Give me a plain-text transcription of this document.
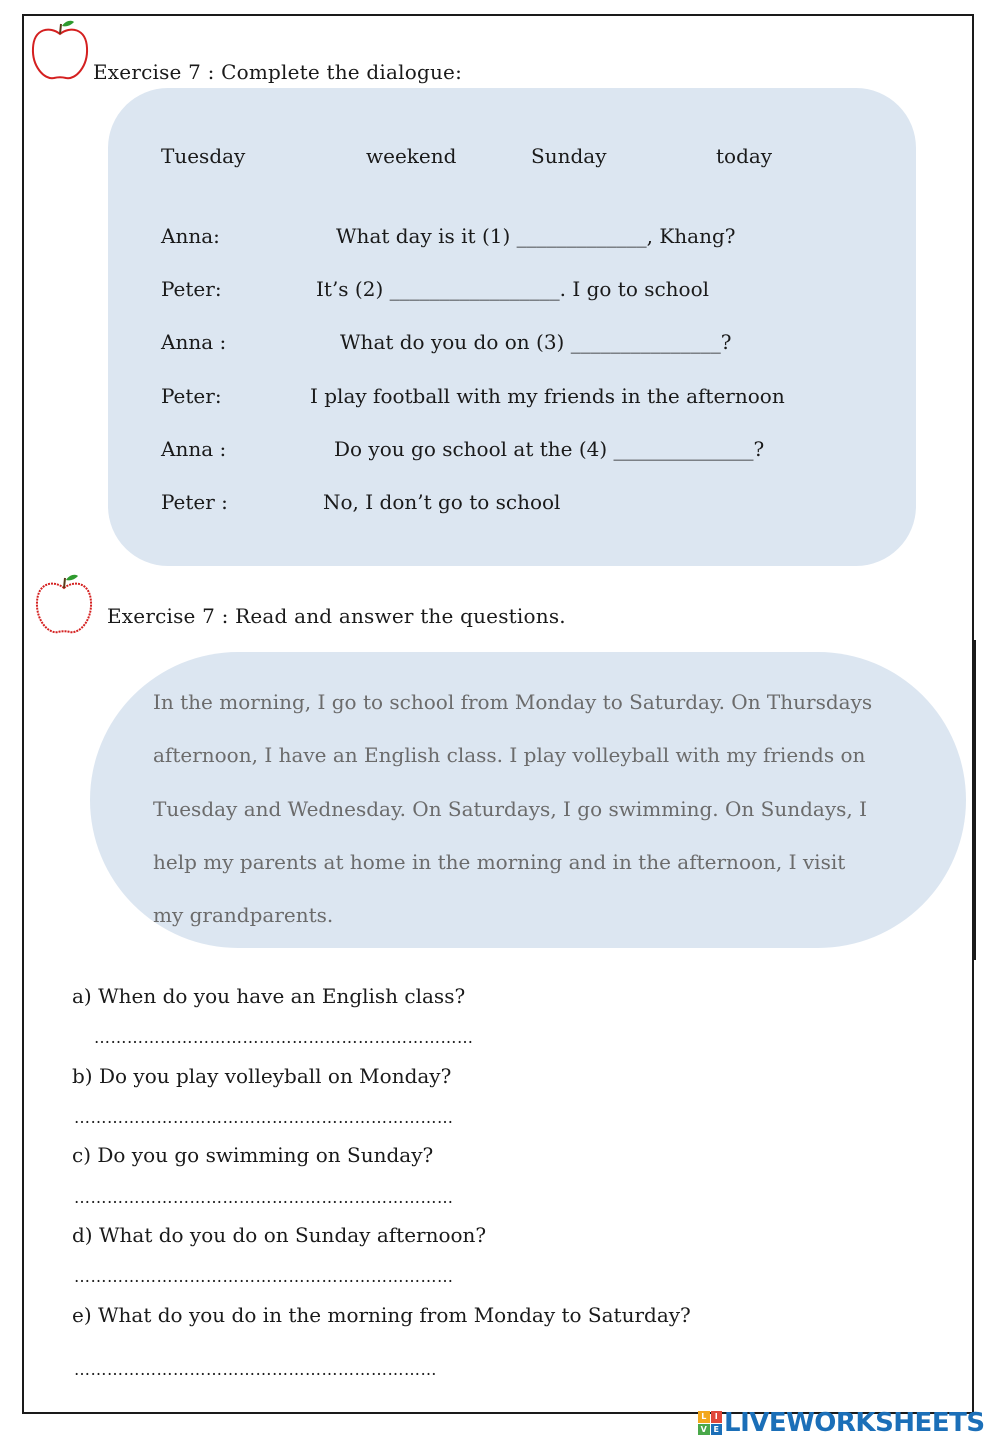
Exercise 7 : Complete the dialogue:
Tuesday	weekend	Sunday	today
Anna:	What day is it (1) _____________, Khang?
Peter:	It’s (2) _________________. I go to school
Anna :	What do you do on (3) _______________?
Peter:	I play football with my friends in the afternoon
Anna :	Do you go school at the (4) ______________?
Peter :	No, I don’t go to school
Exercise 7 : Read and answer the questions.
In the morning, I go to school from Monday to Saturday. On Thursdays
afternoon, I have an English class. I play volleyball with my friends on
Tuesday and Wednesday. On Saturdays, I go swimming. On Sundays, I
help my parents at home in the morning and in the afternoon, I visit
my grandparents.
a) When do you have an English class?
……………………………………………………………
b) Do you play volleyball on Monday?
……………………………………………………………
c) Do you go swimming on Sunday?
……………………………………………………………
d) What do you do on Sunday afternoon?
……………………………………………………………
e) What do you do in the morning from Monday to Saturday?
…………………………………………………………
L	I
V E LIVEWORKSHEETS
